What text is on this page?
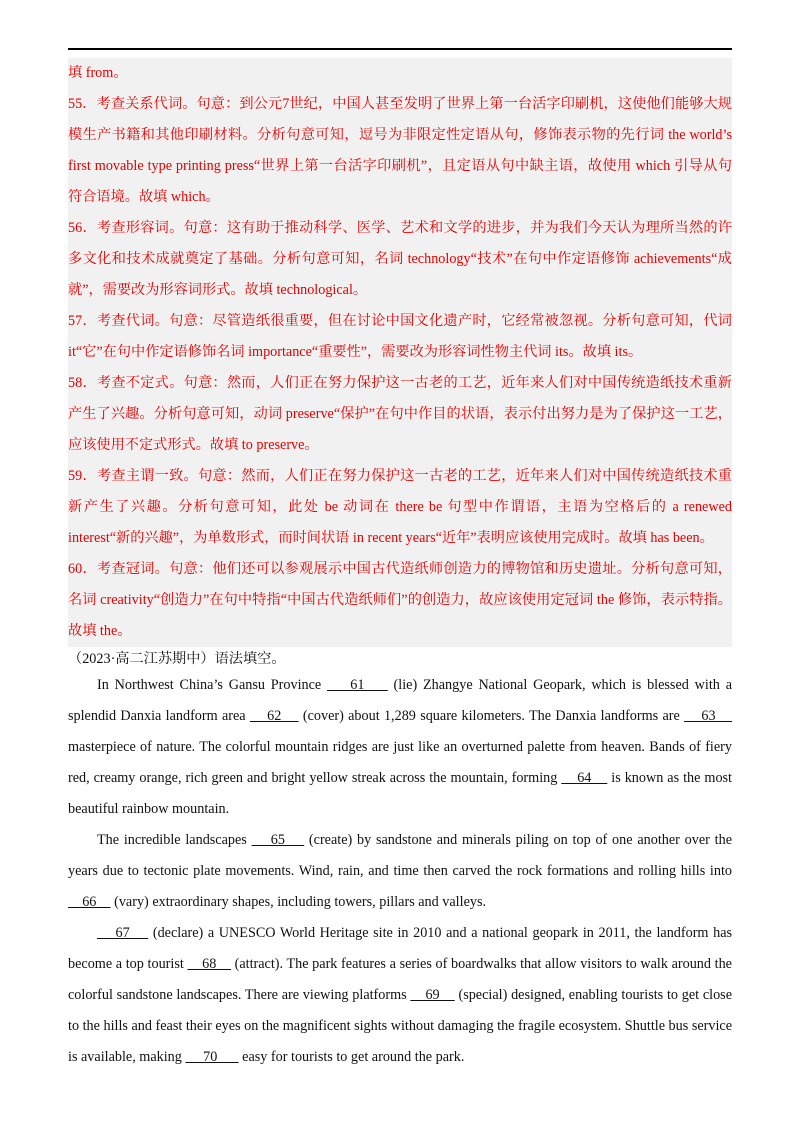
填 from。

55．考查关系代词。句意：到公元7世纪，中国人甚至发明了世界上第一台活字印刷机，这使他们能够大规模生产书籍和其他印刷材料。分析句意可知，逗号为非限定性定语从句，修饰表示物的先行词 the world’s first movable type printing press“世界上第一台活字印刷机”，且定语从句中缺主语，故使用 which 引导从句符合语境。故填 which。

56．考查形容词。句意：这有助于推动科学、医学、艺术和文学的进步，并为我们今天认为理所当然的许多文化和技术成就奠定了基础。分析句意可知，名词 technology“技术”在句中作定语修饰 achievements“成就”，需要改为形容词形式。故填 technological。

57．考查代词。句意：尽管造纸很重要，但在讨论中国文化遗产时，它经常被忽视。分析句意可知，代词 it“它”在句中作定语修饰名词 importance“重要性”，需要改为形容词性物主代词 its。故填 its。

58．考查不定式。句意：然而，人们正在努力保护这一古老的工艺，近年来人们对中国传统造纸技术重新产生了兴趣。分析句意可知，动词 preserve“保护”在句中作目的状语，表示付出努力是为了保护这一工艺，应该使用不定式形式。故填 to preserve。

59．考查主谓一致。句意：然而，人们正在努力保护这一古老的工艺，近年来人们对中国传统造纸技术重新产生了兴趣。分析句意可知，此处 be 动词在 there be 句型中作谓语，主语为空格后的 a renewed interest“新的兴趣”，为单数形式，而时间状语 in recent years“近年”表明应该使用完成时。故填 has been。

60．考查冠词。句意：他们还可以参观展示中国古代造纸师创造力的博物馆和历史遗址。分析句意可知，名词 creativity“创造力”在句中特指“中国古代造纸师们”的创造力，故应该使用定冠词 the 修饰，表示特指。故填 the。

（2023·高二江苏期中）语法填空。

In Northwest China’s Gansu Province     61     (lie) Zhangye National Geopark, which is blessed with a splendid Danxia landform area     62     (cover) about 1,289 square kilometers. The Danxia landforms are     63     masterpiece of nature. The colorful mountain ridges are just like an overturned palette from heaven. Bands of fiery red, creamy orange, rich green and bright yellow streak across the mountain, forming     64     is known as the most beautiful rainbow mountain.

The incredible landscapes     65     (create) by sandstone and minerals piling on top of one another over the years due to tectonic plate movements. Wind, rain, and time then carved the rock formations and rolling hills into     66     (vary) extraordinary shapes, including towers, pillars and valleys.

67     (declare) a UNESCO World Heritage site in 2010 and a national geopark in 2011, the landform has become a top tourist     68     (attract). The park features a series of boardwalks that allow visitors to walk around the colorful sandstone landscapes. There are viewing platforms     69     (special) designed, enabling tourists to get close to the hills and feast their eyes on the magnificent sights without damaging the fragile ecosystem. Shuttle bus service is available, making      70       easy for tourists to get around the park.
